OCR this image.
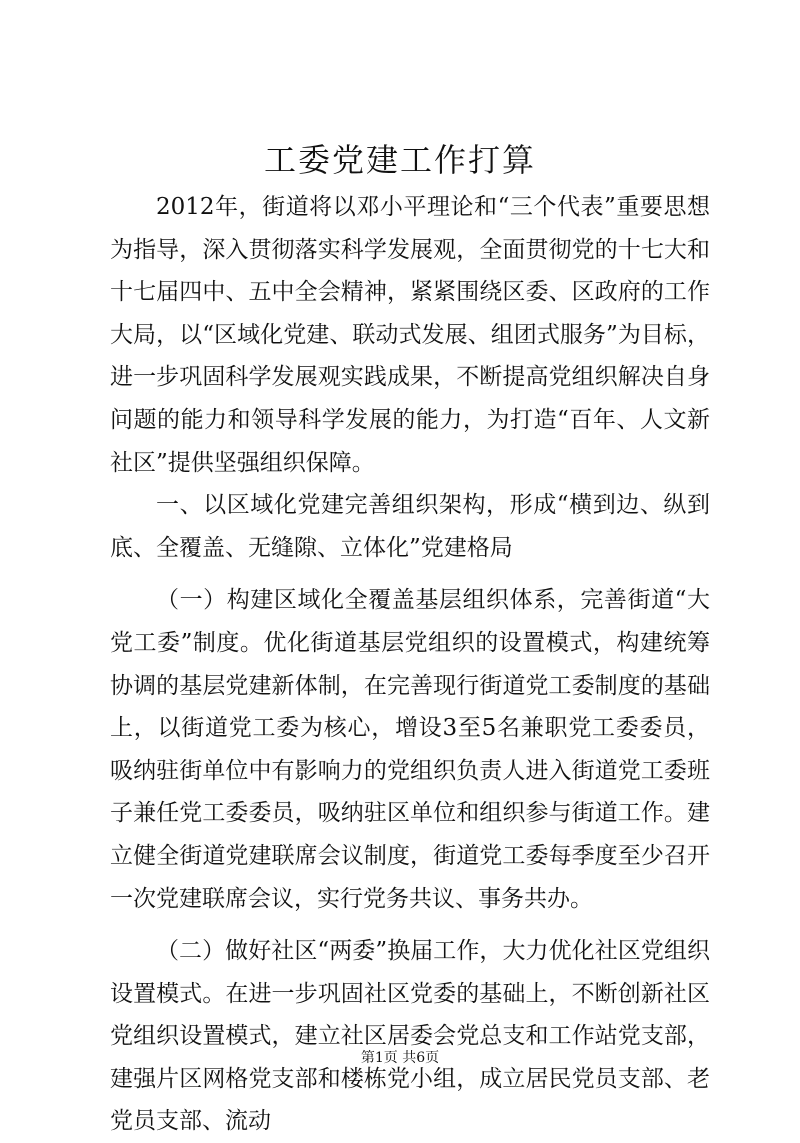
工委党建工作打算

2012年，街道将以邓小平理论和“三个代表”重要思想为指导，深入贯彻落实科学发展观，全面贯彻党的十七大和十七届四中、五中全会精神，紧紧围绕区委、区政府的工作大局，以“区域化党建、联动式发展、组团式服务”为目标，进一步巩固科学发展观实践成果，不断提高党组织解决自身问题的能力和领导科学发展的能力，为打造“百年、人文新社区”提供坚强组织保障。

一、以区域化党建完善组织架构，形成“横到边、纵到底、全覆盖、无缝隙、立体化”党建格局

（一）构建区域化全覆盖基层组织体系，完善街道“大党工委”制度。优化街道基层党组织的设置模式，构建统筹协调的基层党建新体制，在完善现行街道党工委制度的基础上，以街道党工委为核心，增设3至5名兼职党工委委员，吸纳驻街单位中有影响力的党组织负责人进入街道党工委班子兼任党工委委员，吸纳驻区单位和组织参与街道工作。建立健全街道党建联席会议制度，街道党工委每季度至少召开一次党建联席会议，实行党务共议、事务共办。

（二）做好社区“两委”换届工作，大力优化社区党组织设置模式。在进一步巩固社区党委的基础上，不断创新社区党组织设置模式，建立社区居委会党总支和工作站党支部，建强片区网格党支部和楼栋党小组，成立居民党员支部、老党员支部、流动

第1页 共6页
